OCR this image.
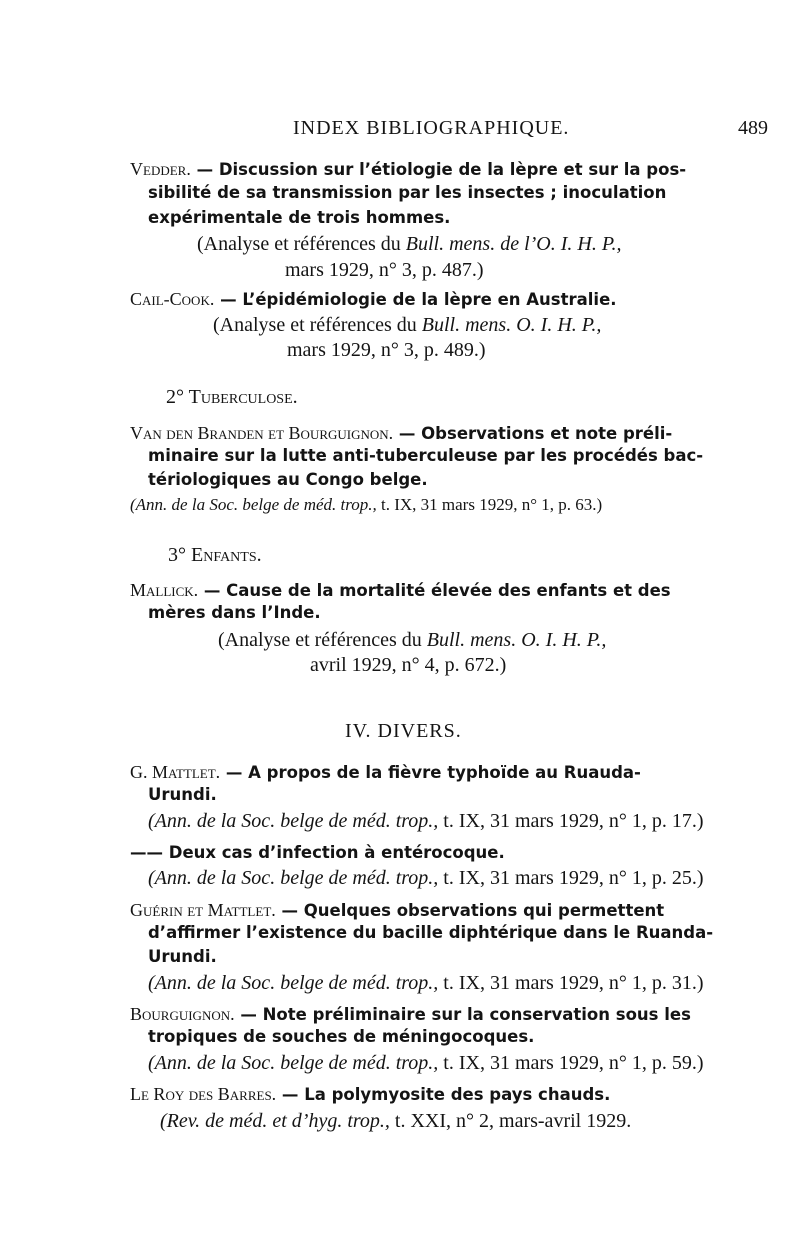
INDEX BIBLIOGRAPHIQUE.	489
Vedder. — Discussion sur l’étiologie de la lèpre et sur la pos-
sibilité de sa transmission par les insectes ; inoculation
expérimentale de trois hommes.
(Analyse et références du Bull. mens. de l’O. I. H. P.,
mars 1929, n° 3, p. 487.)
Cail-Cook. — L’épidémiologie de la lèpre en Australie.
(Analyse et références du Bull. mens. O. I. H. P.,
mars 1929, n° 3, p. 489.)
2° Tuberculose.
Van den Branden et Bourguignon. — Observations et note préli-
minaire sur la lutte anti-tuberculeuse par les procédés bac-
tériologiques au Congo belge.
(Ann. de la Soc. belge de méd. trop., t. IX, 31 mars 1929, n° 1, p. 63.)
3° Enfants.
Mallick. — Cause de la mortalité élevée des enfants et des
mères dans l’Inde.
(Analyse et références du Bull. mens. O. I. H. P.,
avril 1929, n° 4, p. 672.)
IV. DIVERS.
G. Mattlet. — A propos de la fièvre typhoïde au Ruauda-
Urundi.
(Ann. de la Soc. belge de méd. trop., t. IX, 31 mars 1929, n° 1, p. 17.)
—— Deux cas d’infection à entérocoque.
(Ann. de la Soc. belge de méd. trop., t. IX, 31 mars 1929, n° 1, p. 25.)
Guérin et Mattlet. — Quelques observations qui permettent
d’affirmer l’existence du bacille diphtérique dans le Ruanda-
Urundi.
(Ann. de la Soc. belge de méd. trop., t. IX, 31 mars 1929, n° 1, p. 31.)
Bourguignon. — Note préliminaire sur la conservation sous les
tropiques de souches de méningocoques.
(Ann. de la Soc. belge de méd. trop., t. IX, 31 mars 1929, n° 1, p. 59.)
Le Roy des Barres. — La polymyosite des pays chauds.
(Rev. de méd. et d’hyg. trop., t. XXI, n° 2, mars-avril 1929.
